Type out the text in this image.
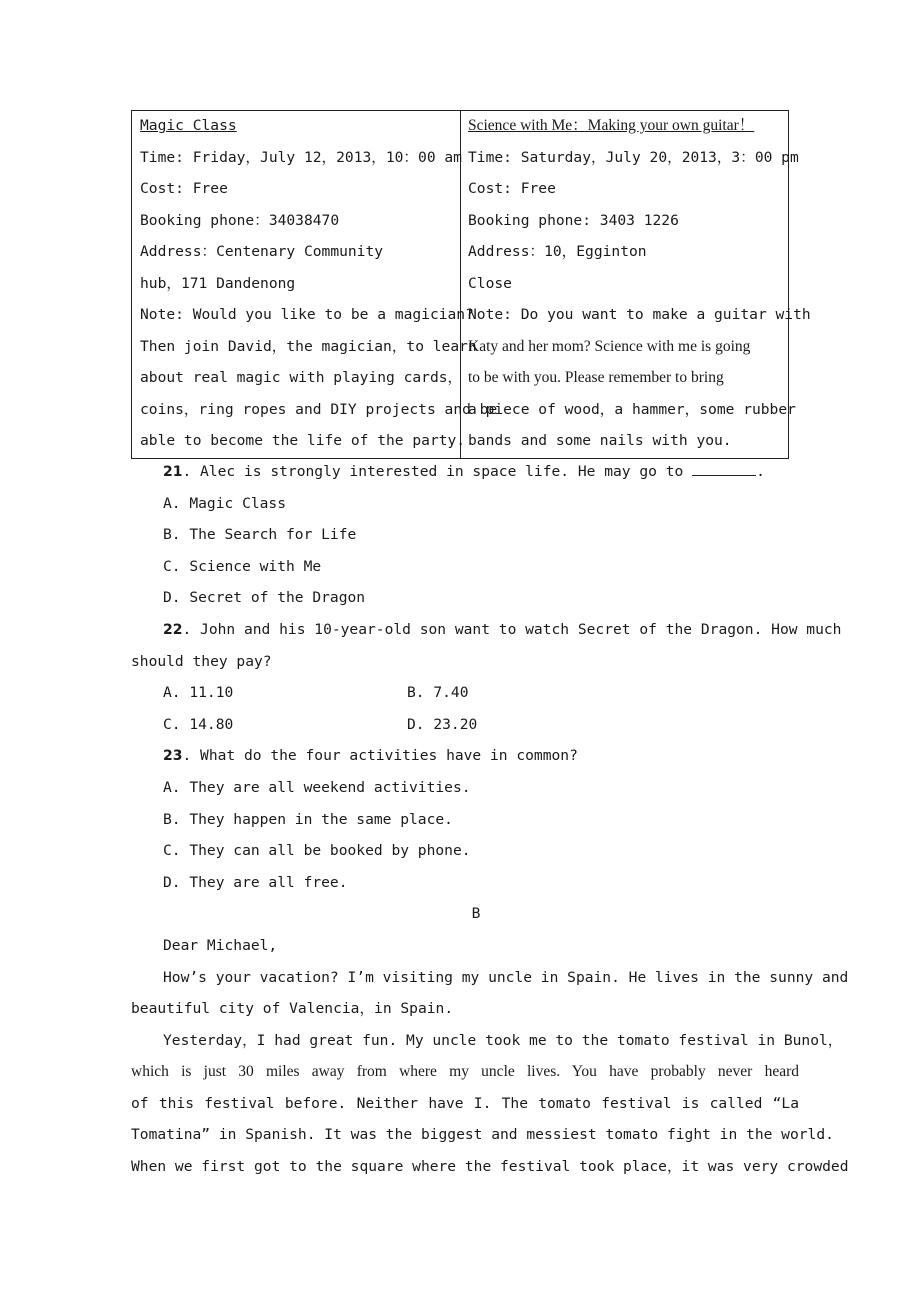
Magic Class
Time: Friday，July 12，2013，10：00 am
Cost: Free
Booking phone：34038470
Address：Centenary Community
hub，171 Dandenong
Note: Would you like to be a magician?
Then join David，the magician，to learn
about real magic with playing cards，
coins，ring ropes and DIY projects and be
able to become the life of the party.
Science with Me：Making your own guitar！
Time: Saturday，July 20，2013，3：00 pm
Cost: Free
Booking phone: 3403 1226
Address：10，Egginton
Close
Note: Do you want to make a guitar with
Katy and her mom? Science with me is going
to be with you. Please remember to bring
a piece of wood，a hammer，some rubber
bands and some nails with you.
21. Alec is strongly interested in space life. He may go to	.
A. Magic Class
B. The Search for Life
C. Science with Me
D. Secret of the Dragon
22. John and his 10-year-old son want to watch Secret of the Dragon. How much
should they pay?
A. 11.10	B. 7.40
C. 14.80	D. 23.20
23. What do the four activities have in common?
A. They are all weekend activities.
B. They happen in the same place.
C. They can all be booked by phone.
D. They are all free.
B
Dear Michael,
How’s your vacation? I’m visiting my uncle in Spain. He lives in the sunny and
beautiful city of Valencia，in Spain.
Yesterday，I had great fun. My uncle took me to the tomato festival in Bunol，
which is just 30 miles away from where my uncle lives. You have probably never heard
of this festival before. Neither have I. The tomato festival is called “La
Tomatina” in Spanish. It was the biggest and messiest tomato fight in the world.
When we first got to the square where the festival took place，it was very crowded
